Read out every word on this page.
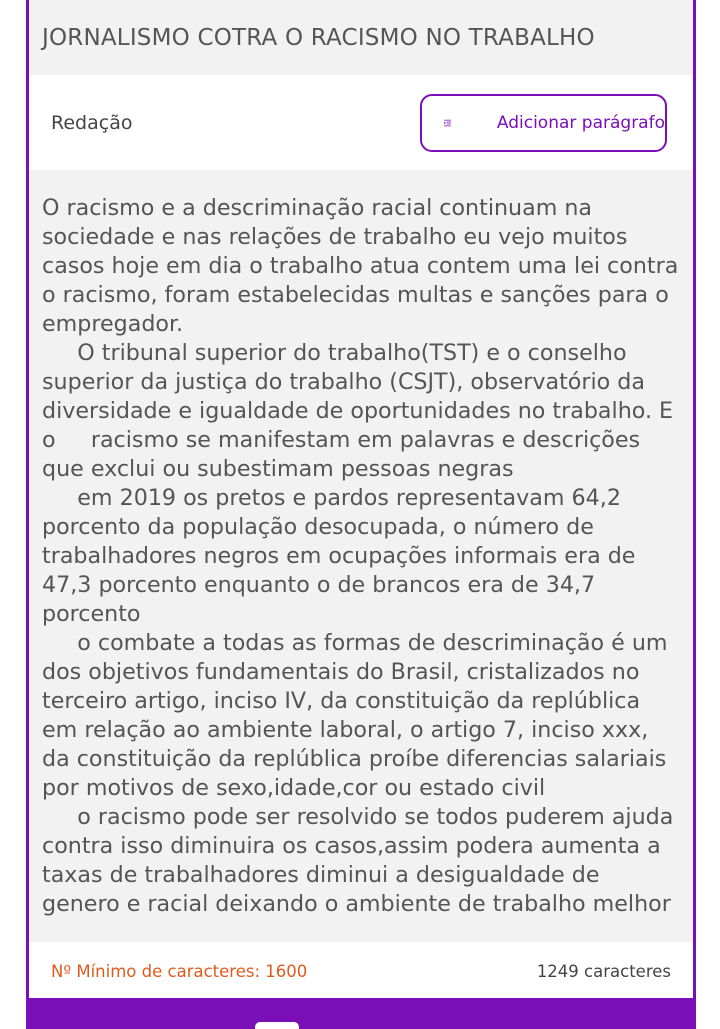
JORNALISMO COTRA O RACISMO NO TRABALHO
Redação	Adicionar parágrafo
O racismo e a descriminação racial continuam na sociedade e nas relações de trabalho eu vejo muitos casos hoje em dia o trabalho atua contem uma lei contra o racismo, foram estabelecidas multas e sanções para o empregador.
O tribunal superior do trabalho(TST) e o conselho superior da justiça do trabalho (CSJT), observatório da diversidade e igualdade de oportunidades no trabalho. E o     racismo se manifestam em palavras e descrições que exclui ou subestimam pessoas negras
em 2019 os pretos e pardos representavam 64,2 porcento da população desocupada, o número de trabalhadores negros em ocupações informais era de 47,3 porcento enquanto o de brancos era de 34,7 porcento
o combate a todas as formas de descriminação é um dos objetivos fundamentais do Brasil, cristalizados no terceiro artigo, inciso IV, da constituição da replública em relação ao ambiente laboral, o artigo 7, inciso xxx, da constituição da replública proíbe diferencias salariais por motivos de sexo,idade,cor ou estado civil
o racismo pode ser resolvido se todos puderem ajuda contra isso diminuira os casos,assim podera aumenta a taxas de trabalhadores diminui a desigualdade de genero e racial deixando o ambiente de trabalho melhor
Nº Mínimo de caracteres: 1600	1249 caracteres
